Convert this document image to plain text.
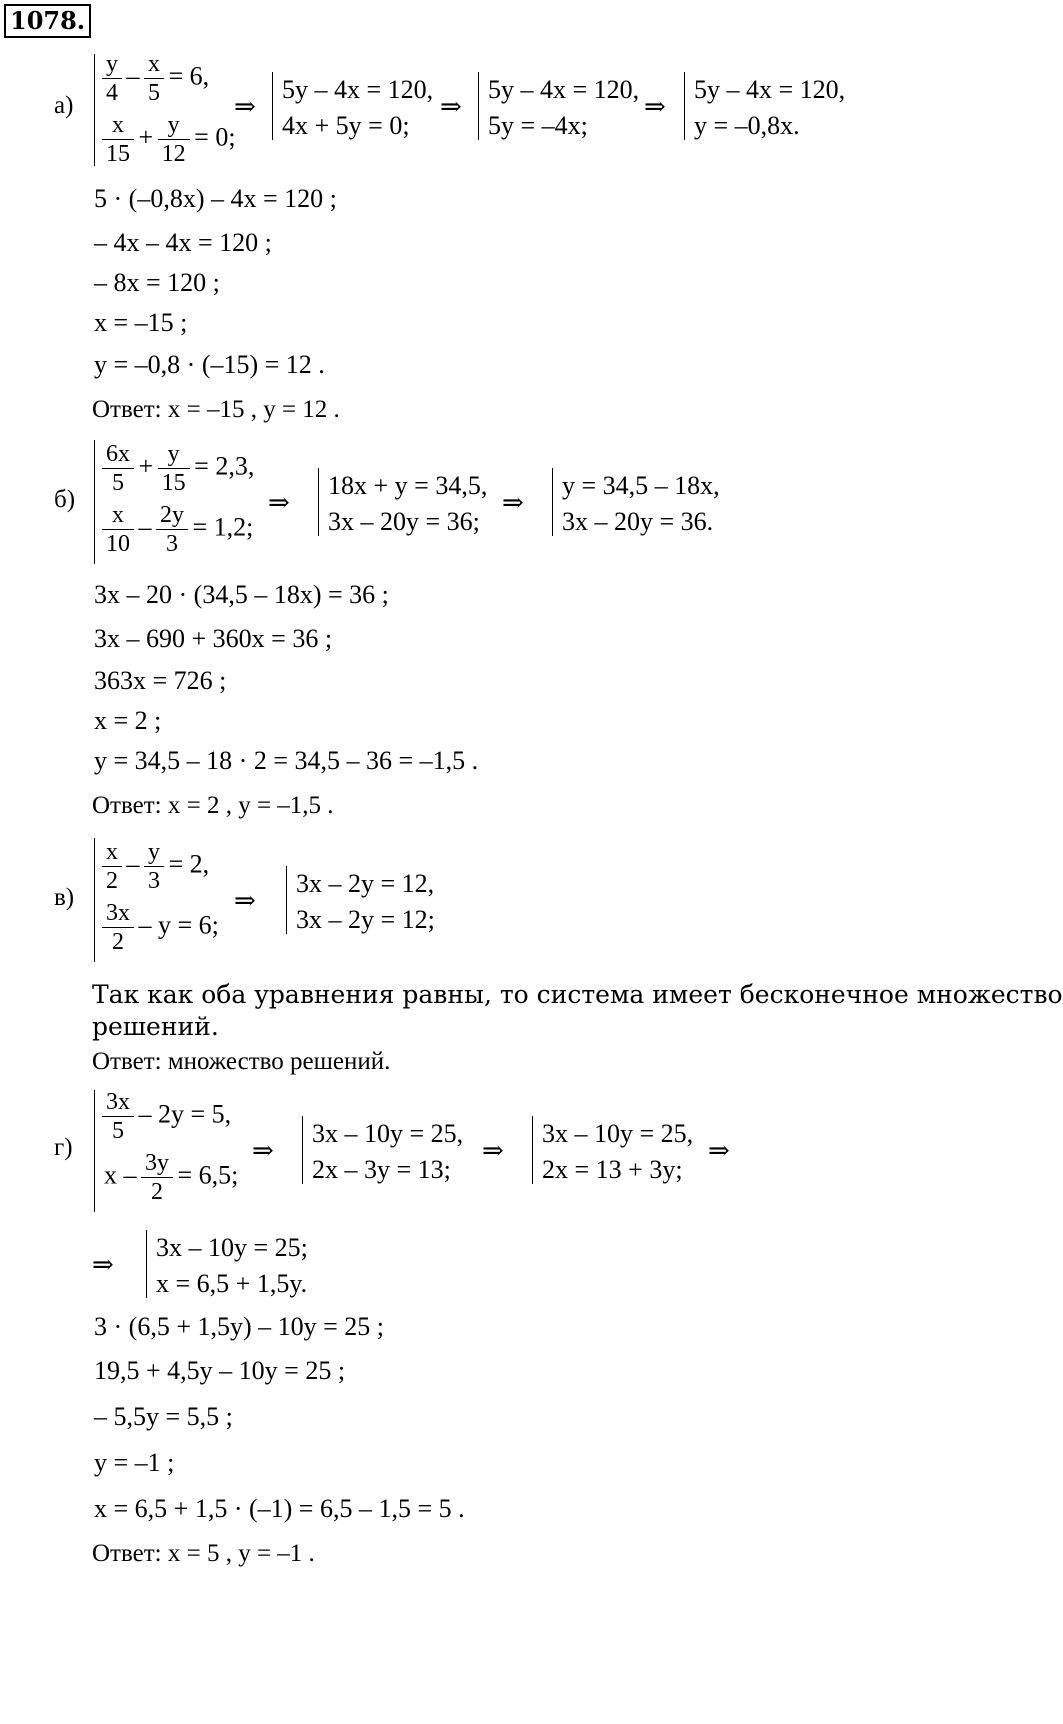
1078.
$а) \frac{y}{4} - \frac{x}{5} = 6$,
$\frac{x}{15} + \frac{y}{12} = 0$;
⇒
5y – 4x = 120,
4x + 5y = 0;
⇒
5y – 4x = 120,
5y = –4x;
⇒
5y – 4x = 120,
y = –0,8x.
5 · (–0,8x) – 4x = 120 ;
– 4x – 4x = 120 ;
– 8x = 120 ;
x = –15 ;
y = –0,8 · (–15) = 12 .
Ответ: x = –15 , y = 12 .
б)
$\frac{6x}{5} + \frac{y}{15} = 2,3$,
$\frac{x}{10} - \frac{2y}{3} = 1,2$;
⇒
18x + y = 34,5,
3x – 20y = 36;
⇒
y = 34,5 – 18x,
3x – 20y = 36.
3x – 20 · (34,5 – 18x) = 36 ;
3x – 690 + 360x = 36 ;
363x = 726 ;
x = 2 ;
y = 34,5 – 18 · 2 = 34,5 – 36 = –1,5 .
Ответ: x = 2 , y = –1,5 .
в)
$\frac{x}{2} - \frac{y}{3} = 2$,
$\frac{3x}{2} - y = 6$;
⇒
3x – 2y = 12,
3x – 2y = 12;
Так как оба уравнения равны, то система имеет бесконечное множество
решений.
Ответ: множество решений.
г)
$\frac{3x}{5} - 2y = 5$,
$x - \frac{3y}{2} = 6,5$;
⇒
3x – 10y = 25,
2x – 3y = 13;
⇒
3x – 10y = 25,
2x = 13 + 3y;
⇒
⇒
3x – 10y = 25;
x = 6,5 + 1,5y.
3 · (6,5 + 1,5y) – 10y = 25 ;
19,5 + 4,5y – 10y = 25 ;
– 5,5y = 5,5 ;
y = –1 ;
x = 6,5 + 1,5 · (–1) = 6,5 – 1,5 = 5 .
Ответ: x = 5 , y = –1 .
